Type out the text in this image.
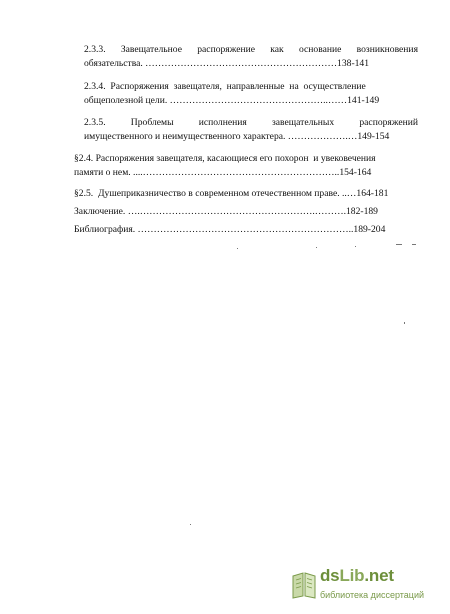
2.3.3. Завещательное распоряжение как основание возникновения
обязательства. ……………………………………………………138-141
2.3.4.  Распоряжения  завещателя,  направленные  на  осуществление
общеполезной цели. …………………………………………..……141-149
2.3.5.	Проблемы	исполнения	завещательных	распоряжений
имущественного и неимущественного характера. ……………….…149-154
§2.4. Распоряжения завещателя, касающиеся его похорон  и увековечения
памяти о нем. ....……………………………………………………..154-164
§2.5.  Душеприказничество в современном отечественном праве. ..…164-181
Заключение. ….……………………………………………….……….182-189
Библиография. …………………………………………………………..189-204
dsLib.net
библиотека диссертаций
